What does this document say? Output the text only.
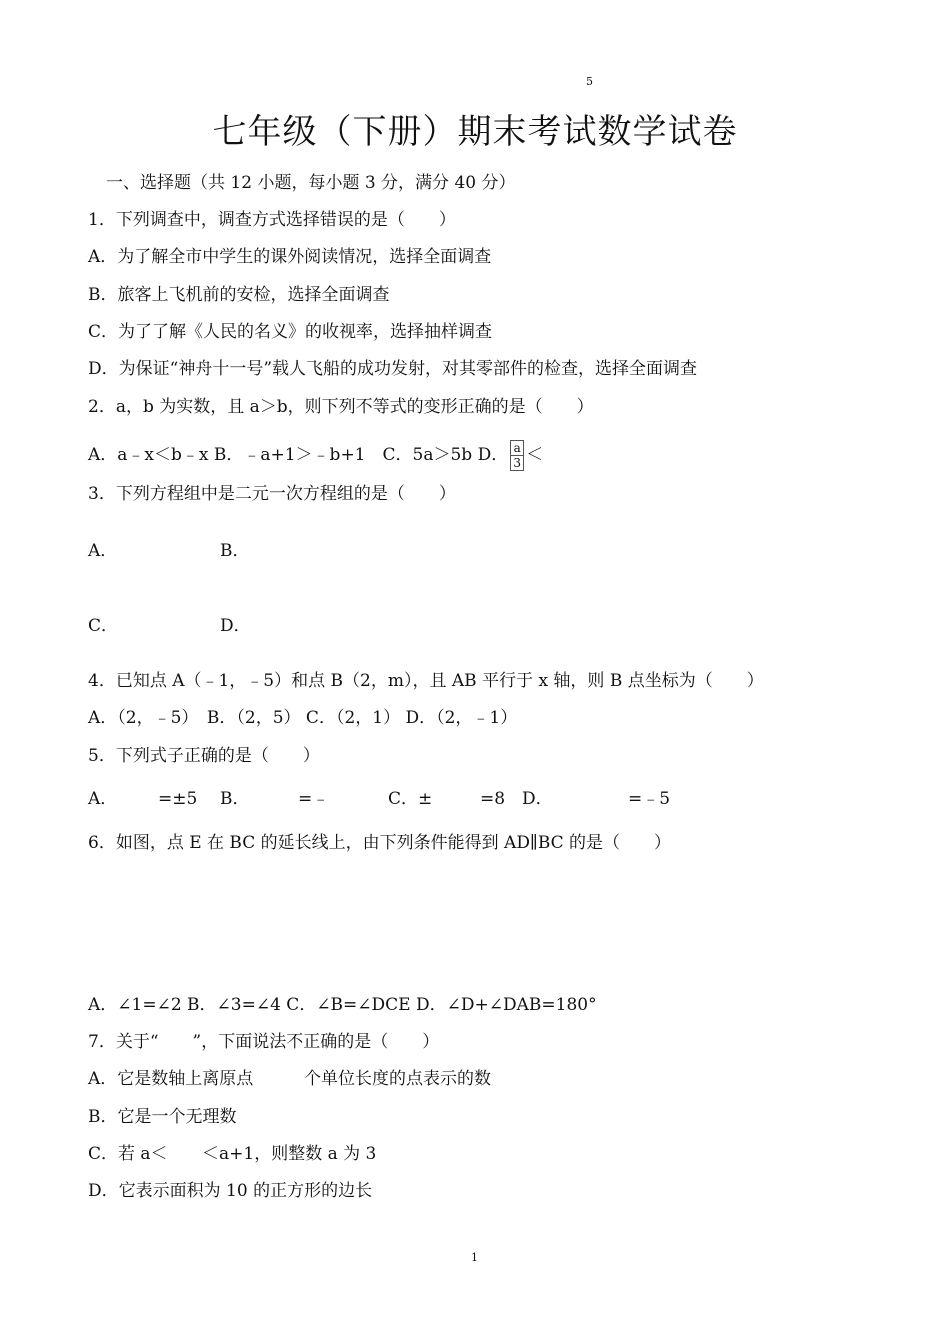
5
七年级（下册）期末考试数学试卷
一、选择题（共 12 小题，每小题 3 分，满分 40 分）
1．下列调查中，调查方式选择错误的是（　　）
A．为了解全市中学生的课外阅读情况，选择全面调查
B．旅客上飞机前的安检，选择全面调查
C．为了了解《人民的名义》的收视率，选择抽样调查
D．为保证“神舟十一号”载人飞船的成功发射，对其零部件的检查，选择全面调查
2．a，b 为实数，且 a＞b，则下列不等式的变形正确的是（　　）
A．a﹣x＜b﹣x B．﹣a+1＞﹣b+1　C．5a＞5b D． $\frac{a}{3}$ ＜
3．下列方程组中是二元一次方程组的是（　　）
A．	B．
C．	D．
4．已知点 A（﹣1，﹣5）和点 B（2，m），且 AB 平行于 x 轴，则 B 点坐标为（　　）
A．（2，﹣5）　B．（2，5） C．（2，1） D．（2，﹣1）
5．下列式子正确的是（　　）
A． =±5 B．	=﹣	C．±	=8 D．	=﹣5
6．如图，点 E 在 BC 的延长线上，由下列条件能得到 AD∥BC 的是（　　）
A．∠1=∠2 B．∠3=∠4 C．∠B=∠DCE D．∠D+∠DAB=180°
7．关于“　　”，下面说法不正确的是（　　）
A．它是数轴上离原点	个单位长度的点表示的数
B．它是一个无理数
C．若 a＜ ＜a+1，则整数 a 为 3
D．它表示面积为 10 的正方形的边长
1
